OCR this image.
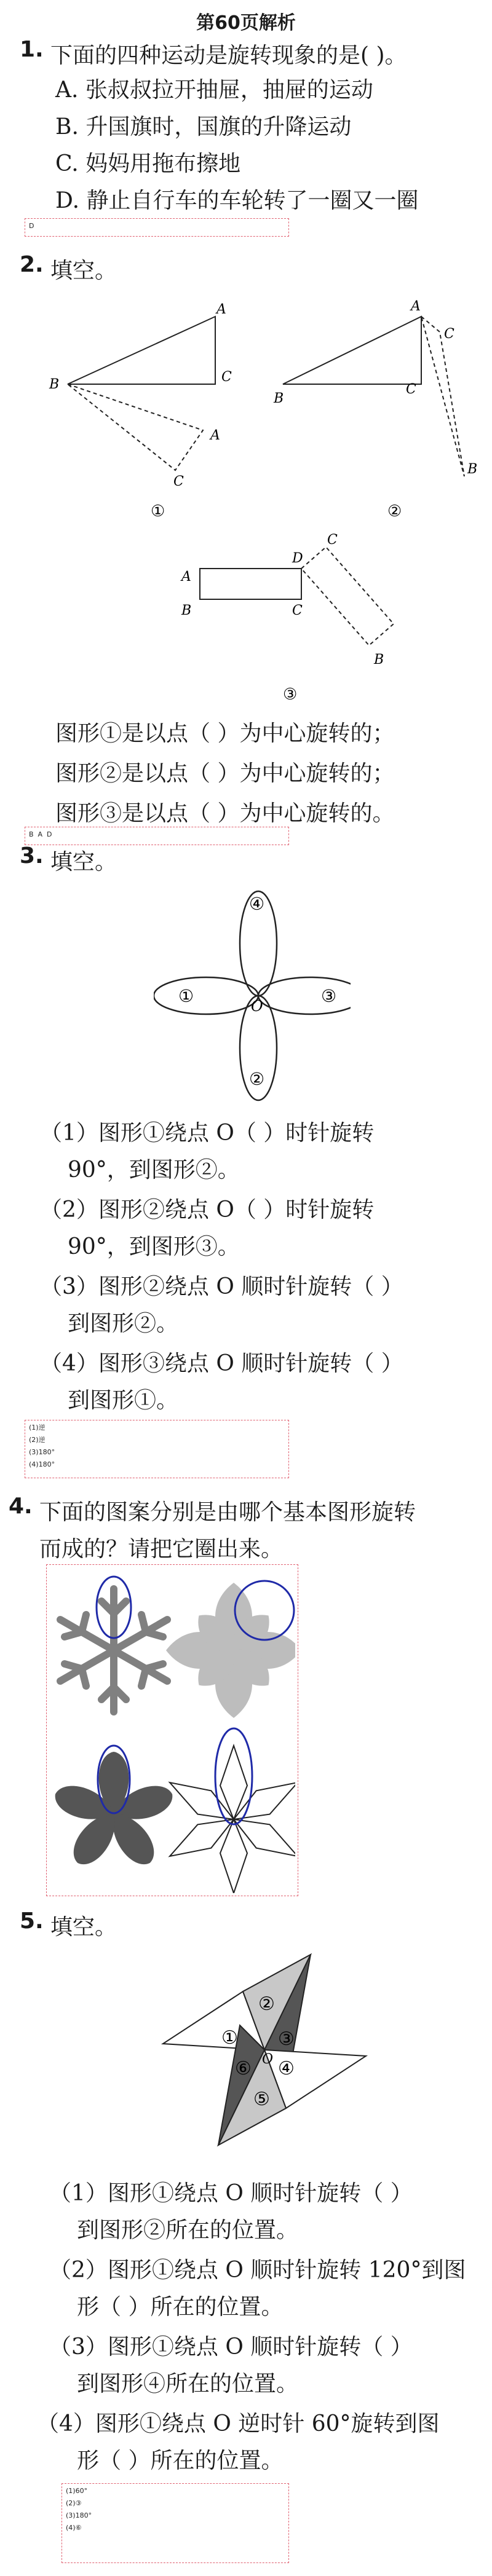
第60页解析
1. 下面的四种运动是旋转现象的是( )。
A. 张叔叔拉开抽屉，抽屉的运动
B. 升国旗时，国旗的升降运动
C. 妈妈用拖布擦地
D. 静止自行车的车轮转了一圈又一圈
D
2. 填空。
B
A
C
A
C
①
B
A
C
C
B
②
A
B
D
C
C
B
③
图形①是以点（ ）为中心旋转的；
图形②是以点（ ）为中心旋转的；
图形③是以点（ ）为中心旋转的。
B  A  D
3. 填空。
④
①	③
②
O
（1）图形①绕点 O（ ）时针旋转
90°，到图形②。
（2）图形②绕点 O（ ）时针旋转
90°，到图形③。
（3）图形②绕点 O 顺时针旋转（ ）
到图形②。
（4）图形③绕点 O 顺时针旋转（ ）
到图形①。
(1)逆
(2)逆
(3)180°
(4)180°
4. 下面的图案分别是由哪个基本图形旋转
而成的？请把它圈出来。
5. 填空。
①
②
③
④
⑤
⑥ O
（1）图形①绕点 O 顺时针旋转（ ）
到图形②所在的位置。
（2）图形①绕点 O 顺时针旋转 120°到图
形（ ）所在的位置。
（3）图形①绕点 O 顺时针旋转（ ）
到图形④所在的位置。
（4）图形①绕点 O 逆时针 60°旋转到图
形（ ）所在的位置。
(1)60°
(2)③
(3)180°
(4)⑥
